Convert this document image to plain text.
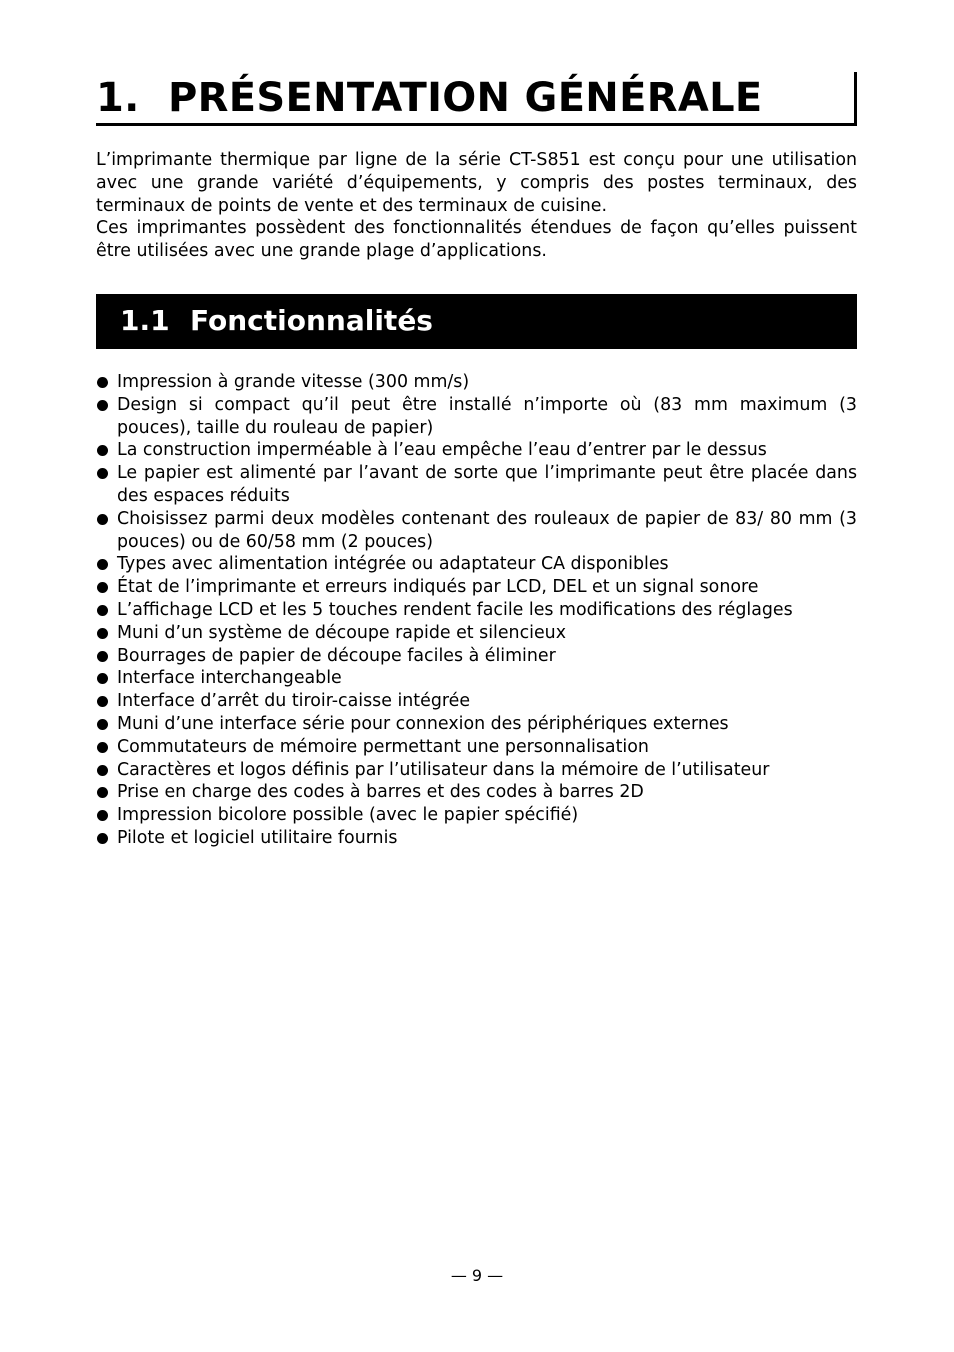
1. PRÉSENTATION GÉNÉRALE

L’imprimante thermique par ligne de la série CT-S851 est conçu pour une utilisation avec une grande variété d’équipements, y compris des postes terminaux, des terminaux de points de vente et des terminaux de cuisine.

Ces imprimantes possèdent des fonctionnalités étendues de façon qu’elles puissent être utilisées avec une grande plage d’applications.

1.1 Fonctionnalités
Impression à grande vitesse (300 mm/s)
Design si compact qu’il peut être installé n’importe où (83 mm maximum (3 pouces), taille du rouleau de papier)
La construction imperméable à l’eau empêche l’eau d’entrer par le dessus
Le papier est alimenté par l’avant de sorte que l’imprimante peut être placée dans des espaces réduits
Choisissez parmi deux modèles contenant des rouleaux de papier de 83/ 80 mm (3 pouces) ou de 60/58 mm (2 pouces)
Types avec alimentation intégrée ou adaptateur CA disponibles
État de l’imprimante et erreurs indiqués par LCD, DEL et un signal sonore
L’affichage LCD et les 5 touches rendent facile les modifications des réglages
Muni d’un système de découpe rapide et silencieux
Bourrages de papier de découpe faciles à éliminer
Interface interchangeable
Interface d’arrêt du tiroir-caisse intégrée
Muni d’une interface série pour connexion des périphériques externes
Commutateurs de mémoire permettant une personnalisation
Caractères et logos définis par l’utilisateur dans la mémoire de l’utilisateur
Prise en charge des codes à barres et des codes à barres 2D
Impression bicolore possible (avec le papier spécifié)
Pilote et logiciel utilitaire fournis
— 9 —
